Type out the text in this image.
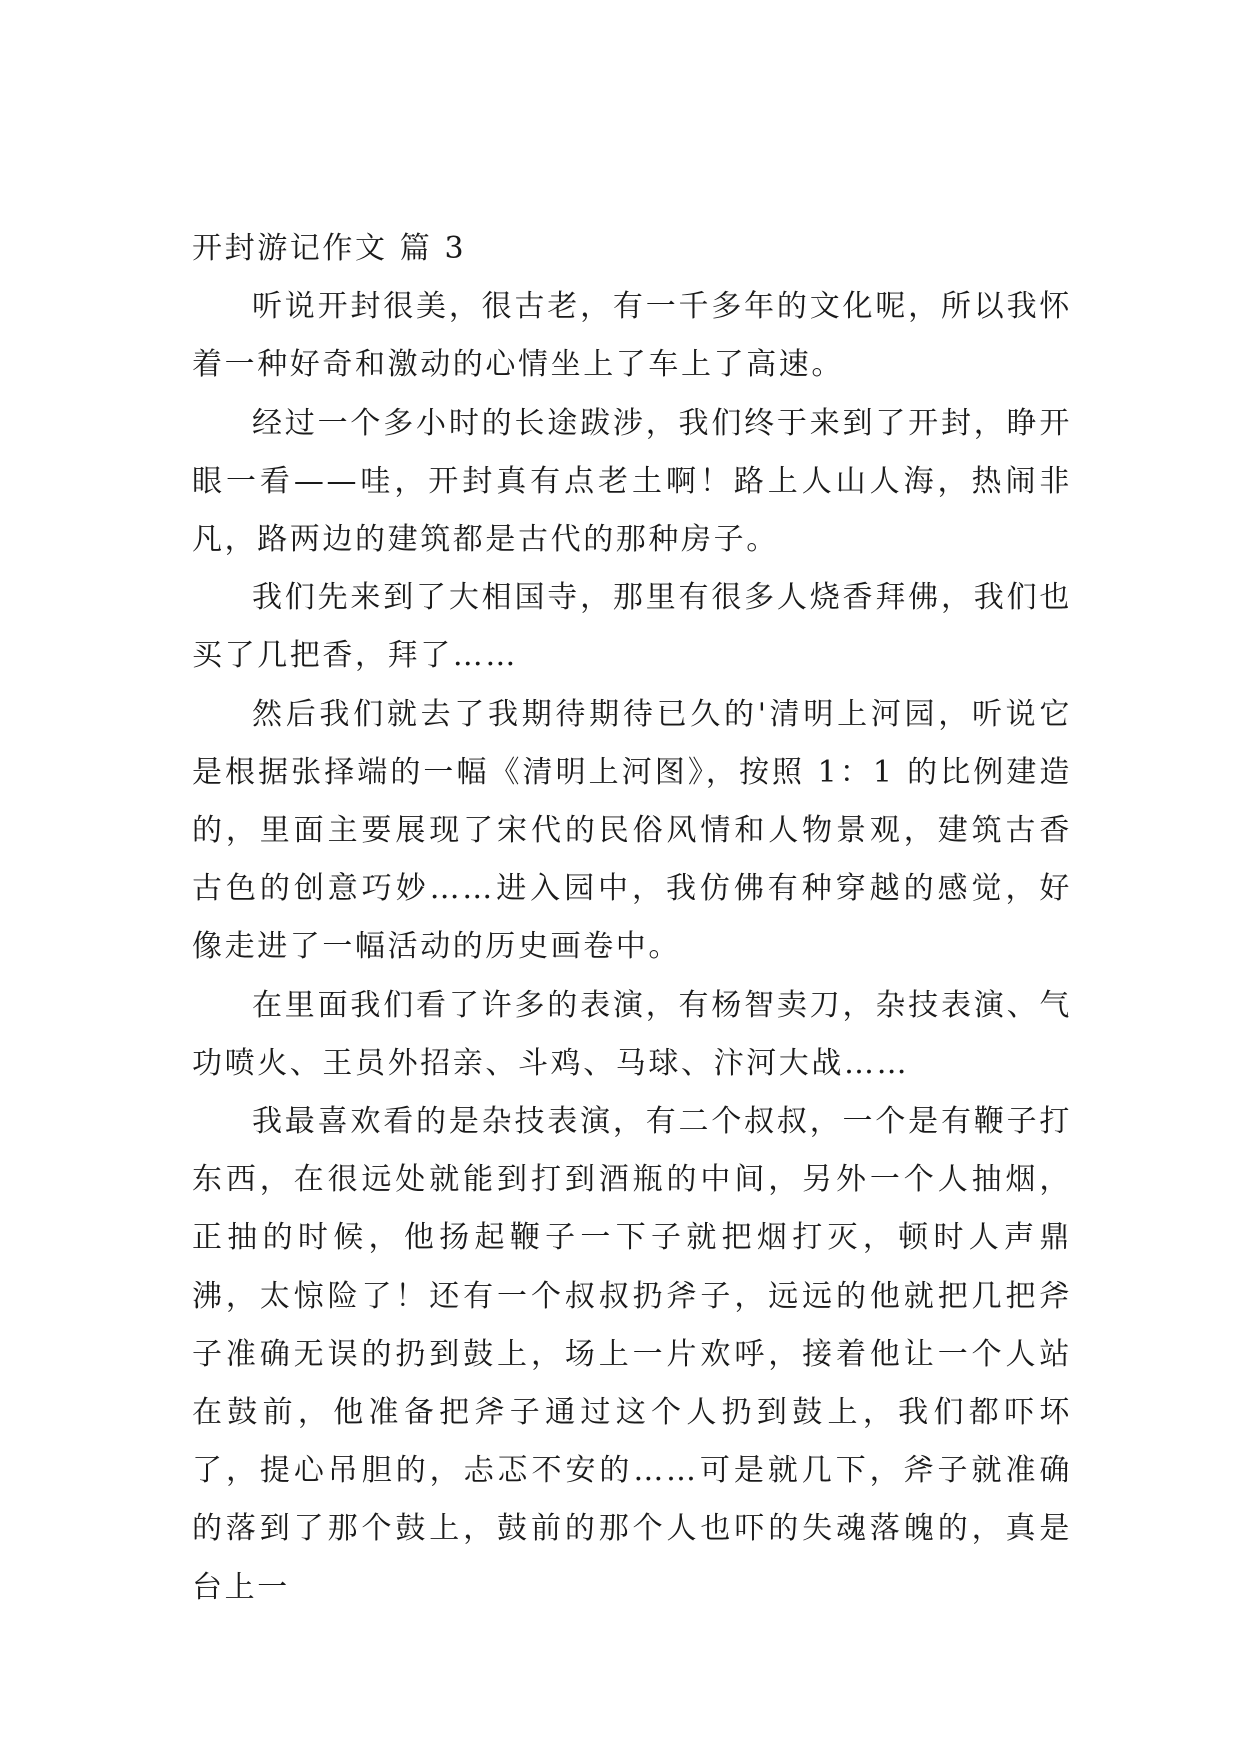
开封游记作文 篇 3

听说开封很美，很古老，有一千多年的文化呢，所以我怀着一种好奇和激动的心情坐上了车上了高速。

经过一个多小时的长途跋涉，我们终于来到了开封，睁开眼一看——哇，开封真有点老土啊！路上人山人海，热闹非凡，路两边的建筑都是古代的那种房子。

我们先来到了大相国寺，那里有很多人烧香拜佛，我们也买了几把香，拜了……

然后我们就去了我期待期待已久的'清明上河园，听说它是根据张择端的一幅《清明上河图》，按照 1：1 的比例建造的，里面主要展现了宋代的民俗风情和人物景观，建筑古香古色的创意巧妙……进入园中，我仿佛有种穿越的感觉，好像走进了一幅活动的历史画卷中。

在里面我们看了许多的表演，有杨智卖刀，杂技表演、气功喷火、王员外招亲、斗鸡、马球、汴河大战……

我最喜欢看的是杂技表演，有二个叔叔，一个是有鞭子打东西，在很远处就能到打到酒瓶的中间，另外一个人抽烟，正抽的时候，他扬起鞭子一下子就把烟打灭，顿时人声鼎沸，太惊险了！还有一个叔叔扔斧子，远远的他就把几把斧子准确无误的扔到鼓上，场上一片欢呼，接着他让一个人站在鼓前，他准备把斧子通过这个人扔到鼓上，我们都吓坏了，提心吊胆的，忐忑不安的……可是就几下，斧子就准确的落到了那个鼓上，鼓前的那个人也吓的失魂落魄的，真是台上一
